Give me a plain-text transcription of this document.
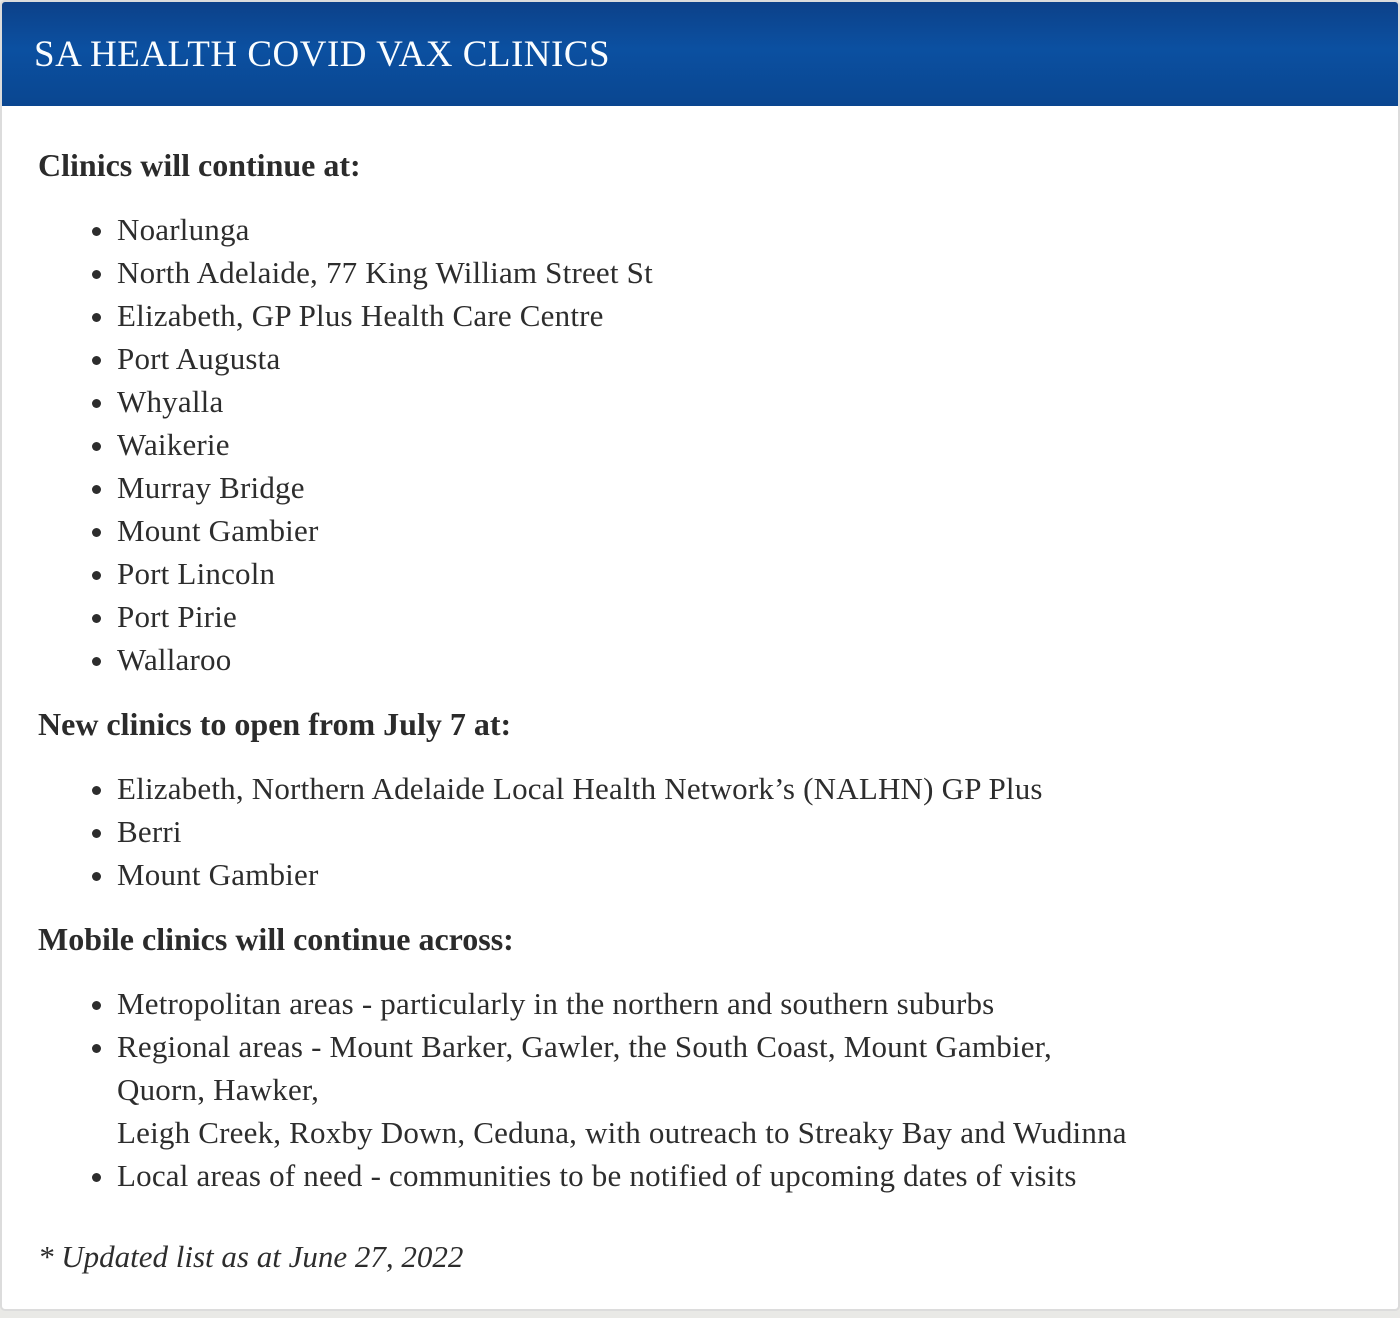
SA HEALTH COVID VAX CLINICS
Clinics will continue at:
• Noarlunga
• North Adelaide, 77 King William Street St
• Elizabeth, GP Plus Health Care Centre
• Port Augusta
• Whyalla
• Waikerie
• Murray Bridge
• Mount Gambier
• Port Lincoln
• Port Pirie
• Wallaroo
New clinics to open from July 7 at:
• Elizabeth, Northern Adelaide Local Health Network’s (NALHN) GP Plus
• Berri
• Mount Gambier
Mobile clinics will continue across:
• Metropolitan areas - particularly in the northern and southern suburbs
• Regional areas - Mount Barker, Gawler, the South Coast, Mount Gambier,
Quorn, Hawker,
Leigh Creek, Roxby Down, Ceduna, with outreach to Streaky Bay and Wudinna
• Local areas of need - communities to be notified of upcoming dates of visits

* Updated list as at June 27, 2022
